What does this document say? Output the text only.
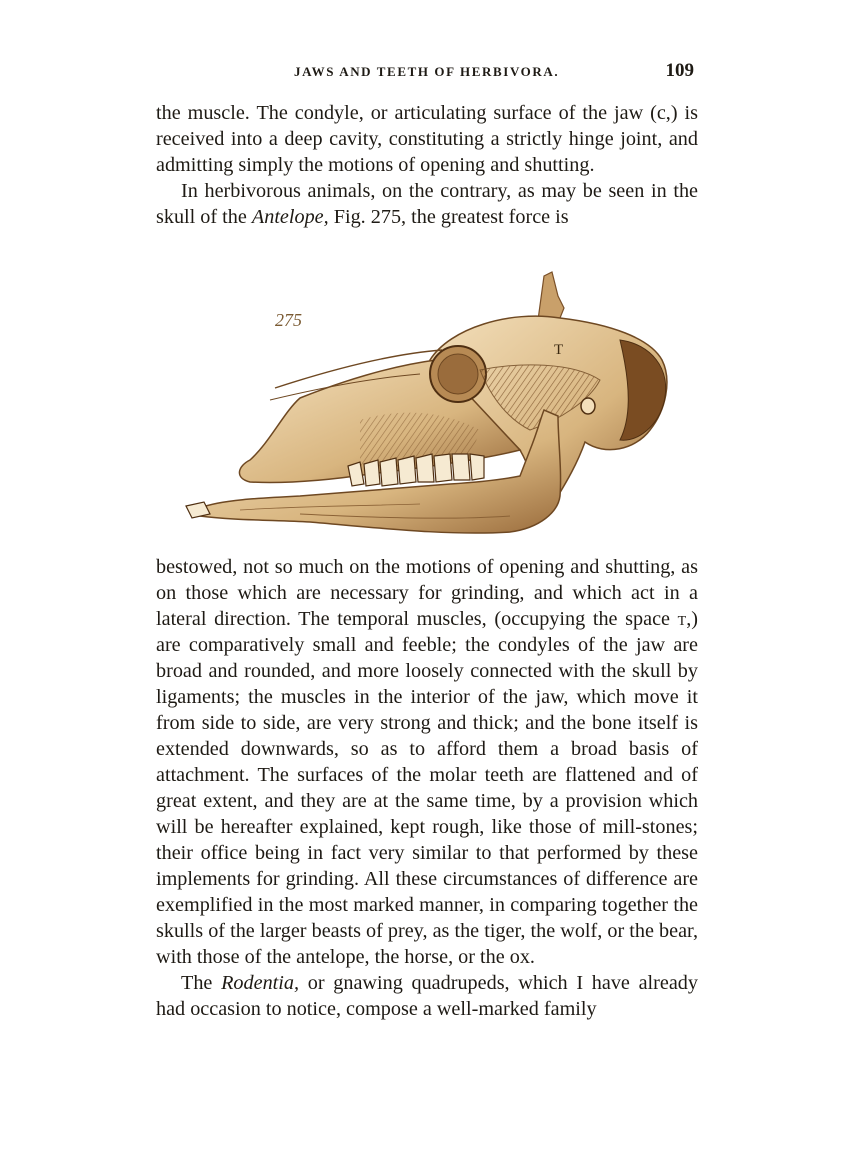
JAWS AND TEETH OF HERBIVORA.	109

the muscle. The condyle, or articulating surface of the jaw (c,) is received into a deep cavity, constituting a strictly hinge joint, and admitting simply the motions of opening and shutting.

In herbivorous animals, on the contrary, as may be seen in the skull of the Antelope, Fig. 275, the greatest force is

275
T

bestowed, not so much on the motions of opening and shutting, as on those which are necessary for grinding, and which act in a lateral direction. The temporal muscles, (occupying the space t,) are comparatively small and feeble; the condyles of the jaw are broad and rounded, and more loosely connected with the skull by ligaments; the muscles in the interior of the jaw, which move it from side to side, are very strong and thick; and the bone itself is extended downwards, so as to afford them a broad basis of attachment. The surfaces of the molar teeth are flattened and of great extent, and they are at the same time, by a provision which will be hereafter explained, kept rough, like those of mill-stones; their office being in fact very similar to that performed by these implements for grinding. All these circumstances of difference are exemplified in the most marked manner, in comparing together the skulls of the larger beasts of prey, as the tiger, the wolf, or the bear, with those of the antelope, the horse, or the ox.

The Rodentia, or gnawing quadrupeds, which I have already had occasion to notice, compose a well-marked family
